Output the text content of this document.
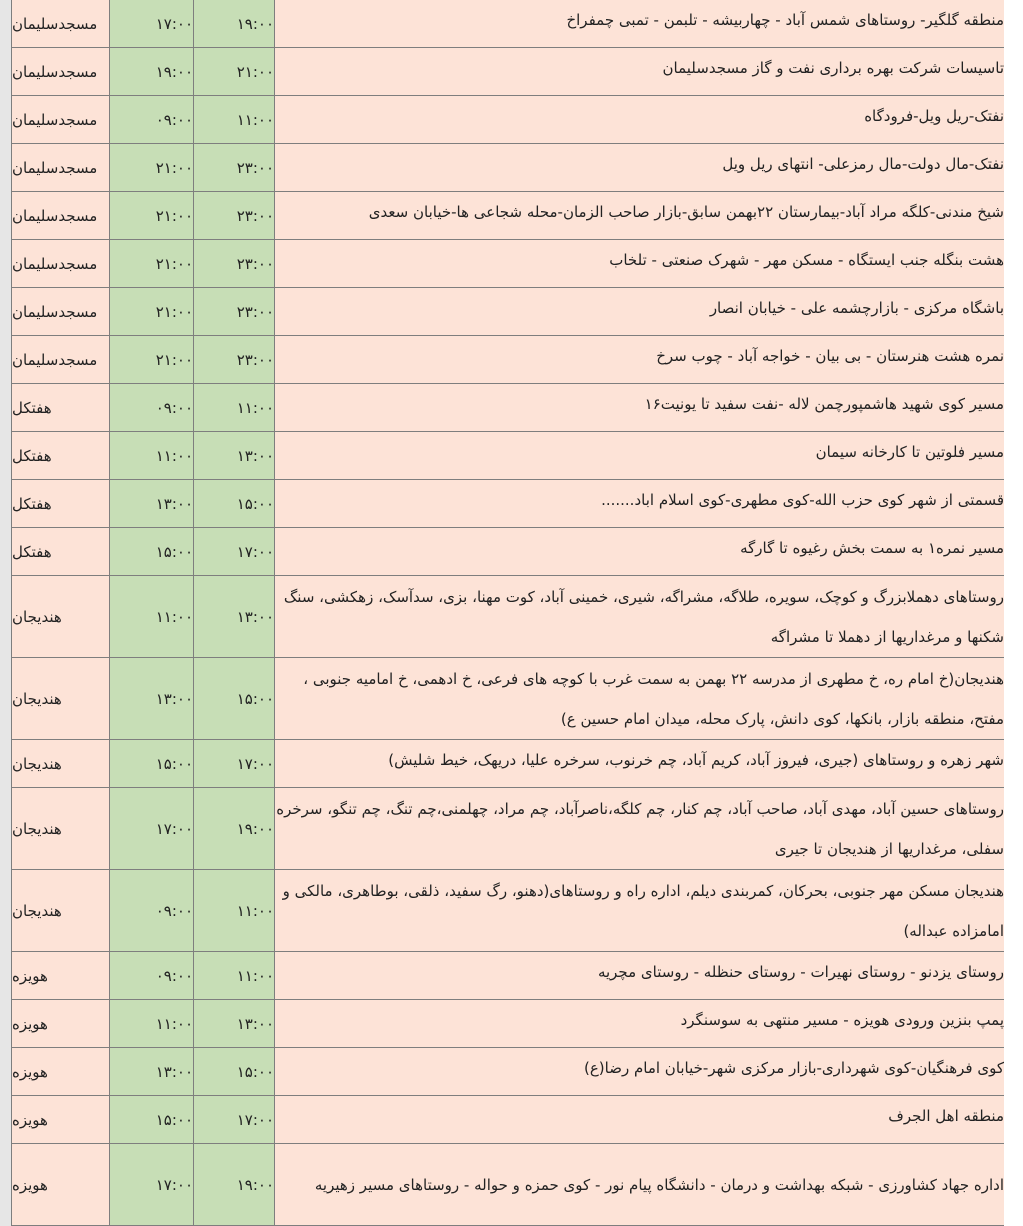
مسجدسلیمان	۱۷:۰۰	۱۹:۰۰	منطقه گلگیر- روستاهای شمس آباد - چهاربیشه - تلبمن - تمبی چمفراخ
مسجدسلیمان	۱۹:۰۰	۲۱:۰۰	تاسیسات شرکت بهره برداری نفت و گاز مسجدسلیمان
مسجدسلیمان	۰۹:۰۰	۱۱:۰۰	نفتک-ریل ویل-فرودگاه
مسجدسلیمان	۲۱:۰۰	۲۳:۰۰	نفتک-مال دولت-مال رمزعلی- انتهای ریل ویل
مسجدسلیمان	۲۱:۰۰	۲۳:۰۰	شیخ مندنی-کلگه مراد آباد-بیمارستان ۲۲بهمن سابق-بازار صاحب الزمان-محله شجاعی ها-خیابان سعدی
مسجدسلیمان	۲۱:۰۰	۲۳:۰۰	هشت بنگله جنب ایستگاه - مسکن مهر - شهرک صنعتی - تلخاب
مسجدسلیمان	۲۱:۰۰	۲۳:۰۰	باشگاه مرکزی - بازارچشمه علی - خیابان انصار
مسجدسلیمان	۲۱:۰۰	۲۳:۰۰	نمره هشت هنرستان - بی بیان - خواجه آباد - چوب سرخ
هفتکل	۰۹:۰۰	۱۱:۰۰	مسیر کوی شهید هاشمپورچمن لاله -نفت سفید تا یونیت۱۶
هفتکل	۱۱:۰۰	۱۳:۰۰	مسیر فلوتین تا کارخانه سیمان
هفتکل	۱۳:۰۰	۱۵:۰۰	قسمتی از شهر کوی حزب الله-کوی مطهری-کوی اسلام اباد.......
هفتکل	۱۵:۰۰	۱۷:۰۰	مسیر نمره۱ به سمت بخش رغیوه تا گارگه
هندیجان	۱۱:۰۰	۱۳:۰۰	روستاهای دهملابزرگ و کوچک، سویره، طلاگه، مشراگه، شیری، خمینی آباد، کوت مهنا، بزی، سدآسک، زهکشی، سنگ شکنها و مرغداریها از دهملا تا مشراگه
هندیجان	۱۳:۰۰	۱۵:۰۰	هندیجان(خ امام ره، خ مطهری از مدرسه ۲۲ بهمن به سمت غرب با کوچه های فرعی، خ ادهمی، خ امامیه جنوبی ، مفتح، منطقه بازار، بانکها، کوی دانش، پارک محله، میدان امام حسین ع)
هندیجان	۱۵:۰۰	۱۷:۰۰	شهر زهره و روستاهای (جیری، فیروز آباد، کریم آباد، چم خرنوب، سرخره علیا، دریهک، خیط شلیش)
هندیجان	۱۷:۰۰	۱۹:۰۰	روستاهای حسین آباد، مهدی آباد، صاحب آباد، چم کنار، چم کلگه،ناصرآباد، چم مراد، چهلمنی،چم تنگ، چم تنگو، سرخره سفلی، مرغداریها از هندیجان تا جیری
هندیجان	۰۹:۰۰	۱۱:۰۰	هندیجان مسکن مهر جنوبی، بحرکان، کمربندی دیلم، اداره راه و روستاهای(دهنو، رگ سفید، ذلقی، بوطاهری، مالکی و امامزاده عبداله)
هویزه	۰۹:۰۰	۱۱:۰۰	روستای یزدنو - روستای نهیرات - روستای حنظله - روستای مچریه
هویزه	۱۱:۰۰	۱۳:۰۰	پمپ بنزین ورودی هویزه - مسیر منتهی به سوسنگرد
هویزه	۱۳:۰۰	۱۵:۰۰	کوی فرهنگیان-کوی شهرداری-بازار مرکزی شهر-خیابان امام رضا(ع)
هویزه	۱۵:۰۰	۱۷:۰۰	منطقه اهل الجرف
هویزه	۱۷:۰۰	۱۹:۰۰	اداره جهاد کشاورزی - شبکه بهداشت و درمان - دانشگاه پیام نور - کوی حمزه و حواله - روستاهای مسیر زهیریه
